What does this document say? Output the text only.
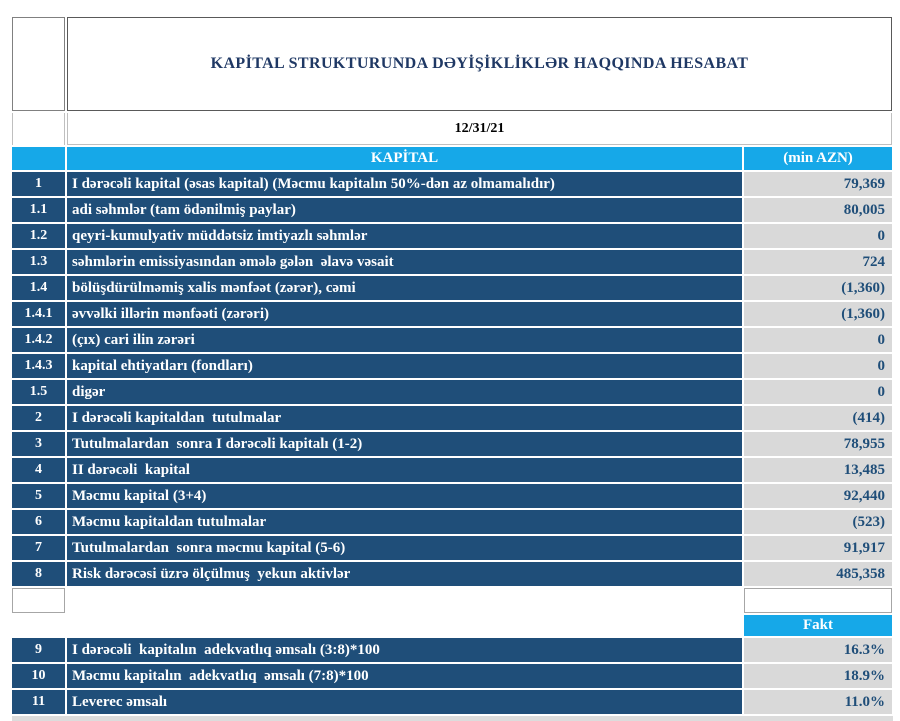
	KAPİTAL STRUKTURUNDA DƏYİŞİKLİKLƏR HAQQINDA HESABAT	
	12/31/21	
	KAPİTAL	(min AZN)
1	I dərəcəli kapital (əsas kapital) (Məcmu kapitalın 50%-dən az olmamalıdır)	79,369
1.1	adi səhmlər (tam ödənilmiş paylar)	80,005
1.2	qeyri-kumulyativ müddətsiz imtiyazlı səhmlər	0
1.3	səhmlərin emissiyasından əmələ gələn  əlavə vəsait	724
1.4	bölüşdürülməmiş xalis mənfəət (zərər), cəmi	(1,360)
1.4.1	əvvəlki illərin mənfəəti (zərəri)	(1,360)
1.4.2	(çıx) cari ilin zərəri	0
1.4.3	kapital ehtiyatları (fondları)	0
1.5	digər	0
2	I dərəcəli kapitaldan  tutulmalar	(414)
3	Tutulmalardan  sonra I dərəcəli kapitalı (1-2)	78,955
4	II dərəcəli  kapital	13,485
5	Məcmu kapital (3+4)	92,440
6	Məcmu kapitaldan tutulmalar	(523)
7	Tutulmalardan  sonra məcmu kapital (5-6)	91,917
8	Risk dərəcəsi üzrə ölçülmuş  yekun aktivlər	485,358

		Fakt
9	I dərəcəli  kapitalın  adekvatlıq əmsalı (3:8)*100	16.3%
10	Məcmu kapitalın  adekvatlıq  əmsalı (7:8)*100	18.9%
11	Leverec əmsalı	11.0%
